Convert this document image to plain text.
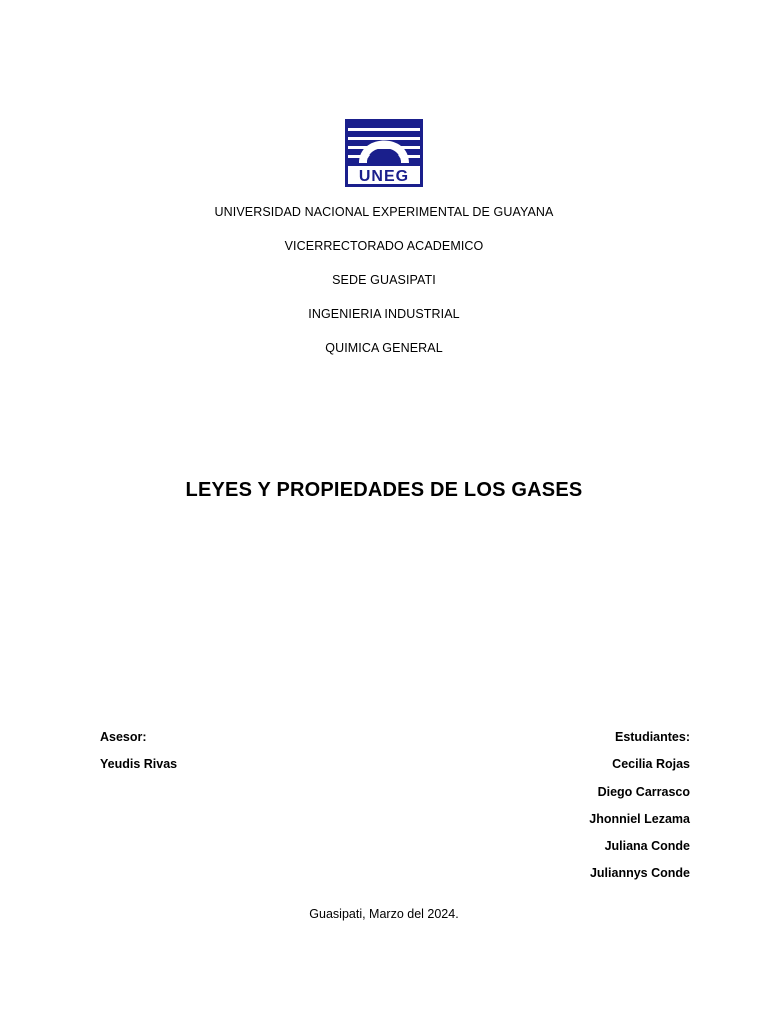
UNEG
UNIVERSIDAD NACIONAL EXPERIMENTAL DE GUAYANA
VICERRECTORADO ACADEMICO
SEDE GUASIPATI
INGENIERIA INDUSTRIAL
QUIMICA GENERAL
LEYES Y PROPIEDADES DE LOS GASES
Asesor:
Yeudis Rivas
Estudiantes:
Cecilia Rojas
Diego Carrasco
Jhonniel Lezama
Juliana Conde
Juliannys Conde
Guasipati, Marzo del 2024.
